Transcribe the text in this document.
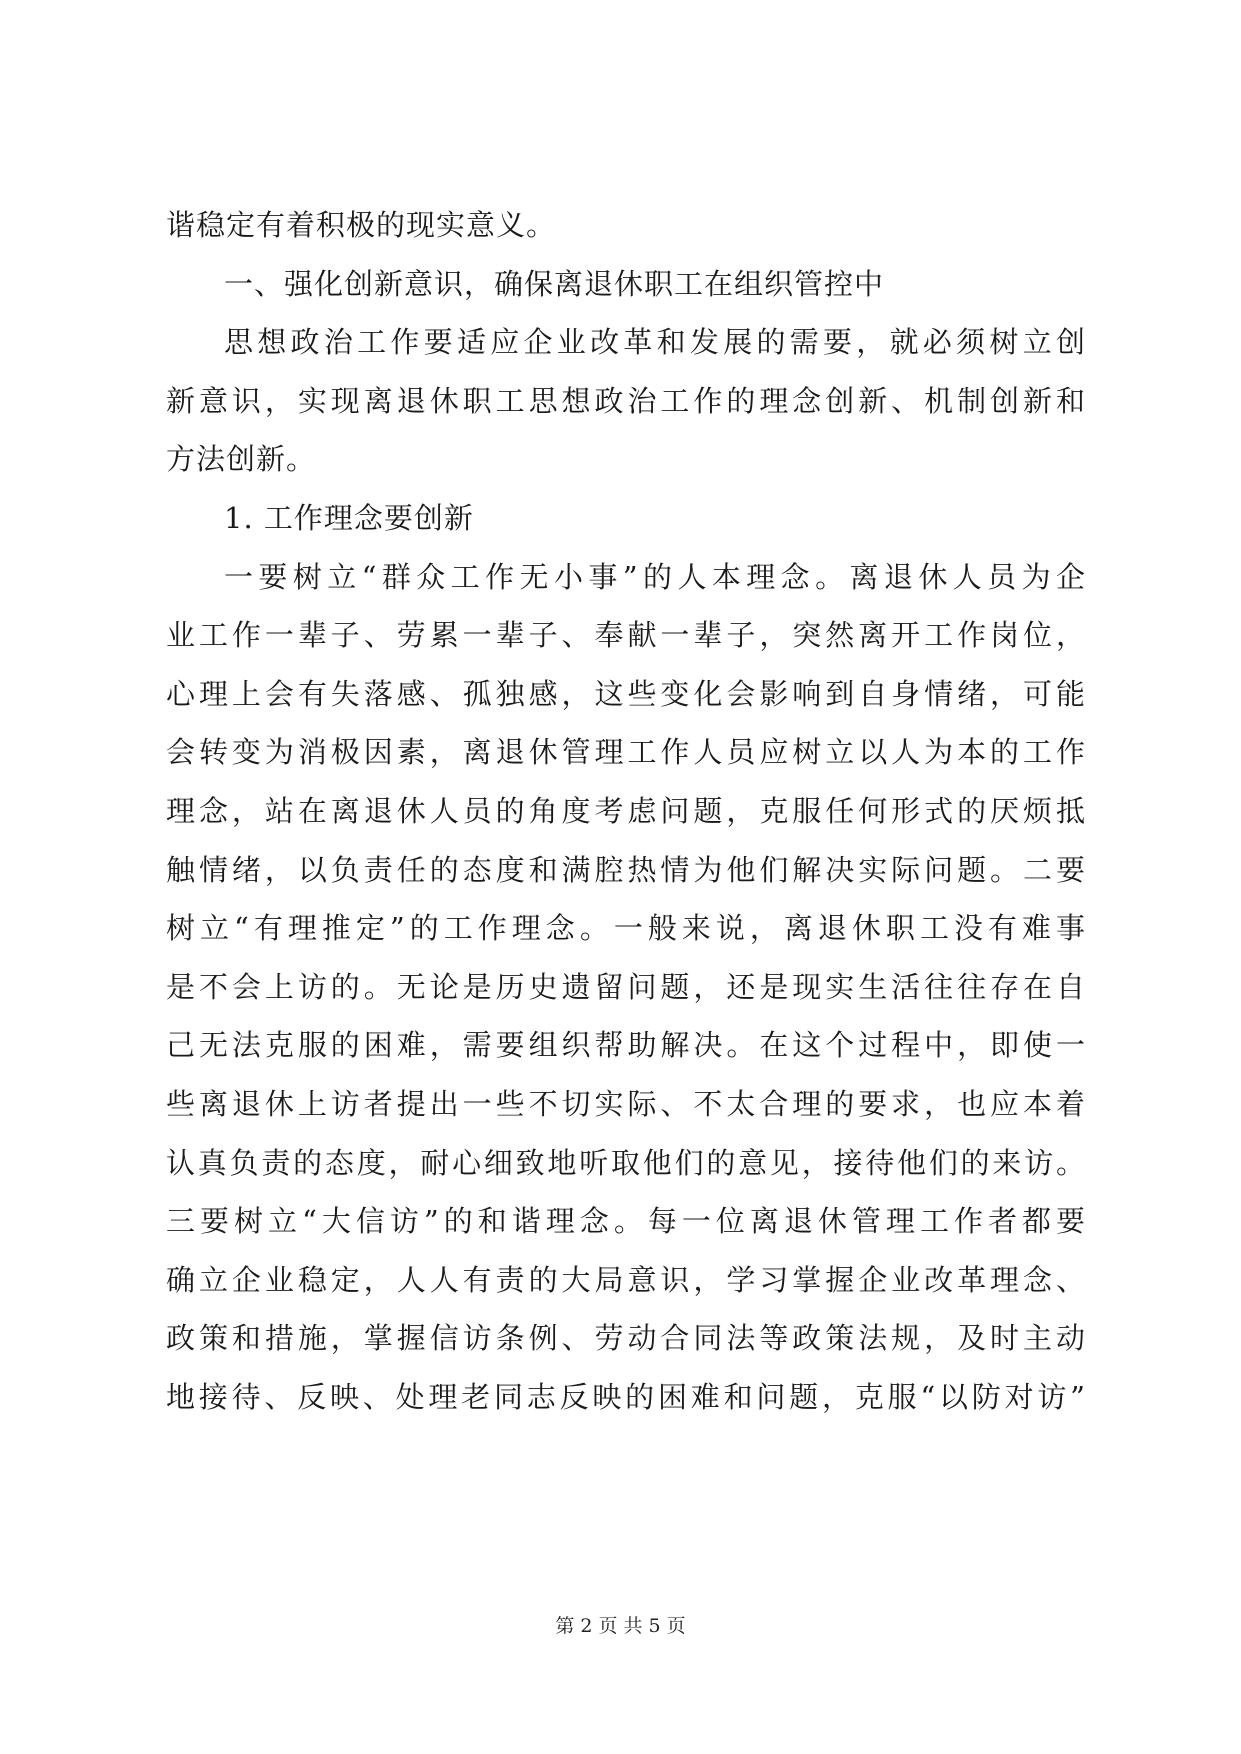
谐稳定有着积极的现实意义。
一、强化创新意识，确保离退休职工在组织管控中
思想政治工作要适应企业改革和发展的需要，就必须树立创
新意识，实现离退休职工思想政治工作的理念创新、机制创新和
方法创新。
1. 工作理念要创新
一要树立“群众工作无小事”的人本理念。离退休人员为企
业工作一辈子、劳累一辈子、奉献一辈子，突然离开工作岗位，
心理上会有失落感、孤独感，这些变化会影响到自身情绪，可能
会转变为消极因素，离退休管理工作人员应树立以人为本的工作
理念，站在离退休人员的角度考虑问题，克服任何形式的厌烦抵
触情绪，以负责任的态度和满腔热情为他们解决实际问题。二要
树立“有理推定”的工作理念。一般来说，离退休职工没有难事
是不会上访的。无论是历史遗留问题，还是现实生活往往存在自
己无法克服的困难，需要组织帮助解决。在这个过程中，即使一
些离退休上访者提出一些不切实际、不太合理的要求，也应本着
认真负责的态度，耐心细致地听取他们的意见，接待他们的来访。
三要树立“大信访”的和谐理念。每一位离退休管理工作者都要
确立企业稳定，人人有责的大局意识，学习掌握企业改革理念、
政策和措施，掌握信访条例、劳动合同法等政策法规，及时主动
地接待、反映、处理老同志反映的困难和问题，克服“以防对访”
第 2 页 共 5 页
